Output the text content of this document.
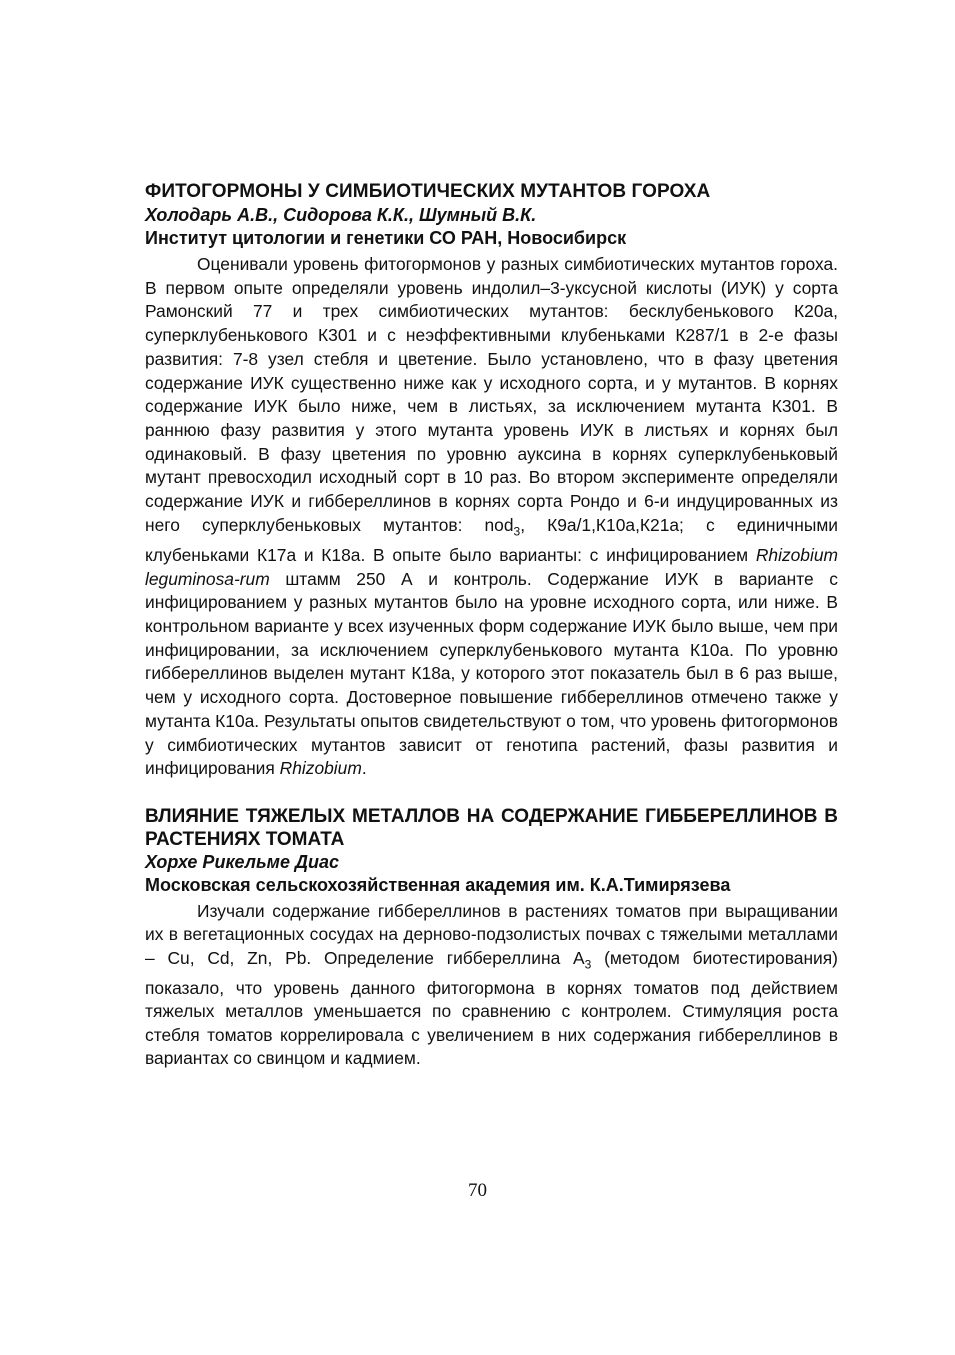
ФИТОГОРМОНЫ У СИМБИОТИЧЕСКИХ МУТАНТОВ ГОРОХА

Холодарь А.В., Сидорова К.К., Шумный В.К.

Институт цитологии и генетики СО РАН, Новосибирск

Оценивали уровень фитогормонов у разных симбиотических мутантов гороха. В первом опыте определяли уровень индолил–3-уксусной кислоты (ИУК) у сорта Рамонский 77 и трех симбиотических мутантов: бесклубенькового К20а, суперклубенькового К301 и с неэффективными клубеньками К287/1 в 2-е фазы развития: 7-8 узел стебля и цветение. Было установлено, что в фазу цветения содержание ИУК существенно ниже как у исходного сорта, и у мутантов. В корнях содержание ИУК было ниже, чем в листьях, за исключением мутанта К301. В раннюю фазу развития у этого мутанта уровень ИУК в листьях и корнях был одинаковый. В фазу цветения по уровню ауксина в корнях суперклубеньковый мутант превосходил исходный сорт в 10 раз. Во втором эксперименте определяли содержание ИУК и гиббереллинов в корнях сорта Рондо и 6-и индуцированных из него суперклубеньковых мутантов: nod$_3$, К9а/1,К10а,К21а; с единичными клубеньками К17а и К18а. В опыте было варианты: с инфицированием Rhizobium leguminosa-rum штамм 250 А и контроль. Содержание ИУК в варианте с инфицированием у разных мутантов было на уровне исходного сорта, или ниже. В контрольном варианте у всех изученных форм содержание ИУК было выше, чем при инфицировании, за исключением суперклубенькового мутанта К10а. По уровню гиббереллинов выделен мутант К18а, у которого этот показатель был в 6 раз выше, чем у исходного сорта. Достоверное повышение гиббереллинов отмечено также у мутанта К10а. Результаты опытов свидетельствуют о том, что уровень фитогормонов у симбиотических мутантов зависит от генотипа растений, фазы развития и инфицирования Rhizobium.

ВЛИЯНИЕ ТЯЖЕЛЫХ МЕТАЛЛОВ НА СОДЕРЖАНИЕ ГИББЕРЕЛЛИНОВ В РАСТЕНИЯХ ТОМАТА

Хорхе Рикельме Диас

Московская сельскохозяйственная академия им. К.А.Тимирязева

Изучали содержание гиббереллинов в растениях томатов при выращивании их в вегетационных сосудах на дерново-подзолистых почвах с тяжелыми металлами – Cu, Cd, Zn, Pb. Определение гиббереллина $А_3$ (методом биотестирования) показало, что уровень данного фитогормона в корнях томатов под действием тяжелых металлов уменьшается по сравнению с контролем. Стимуляция роста стебля томатов коррелировала с увеличением в них содержания гиббереллинов в вариантах со свинцом и кадмием.

70
